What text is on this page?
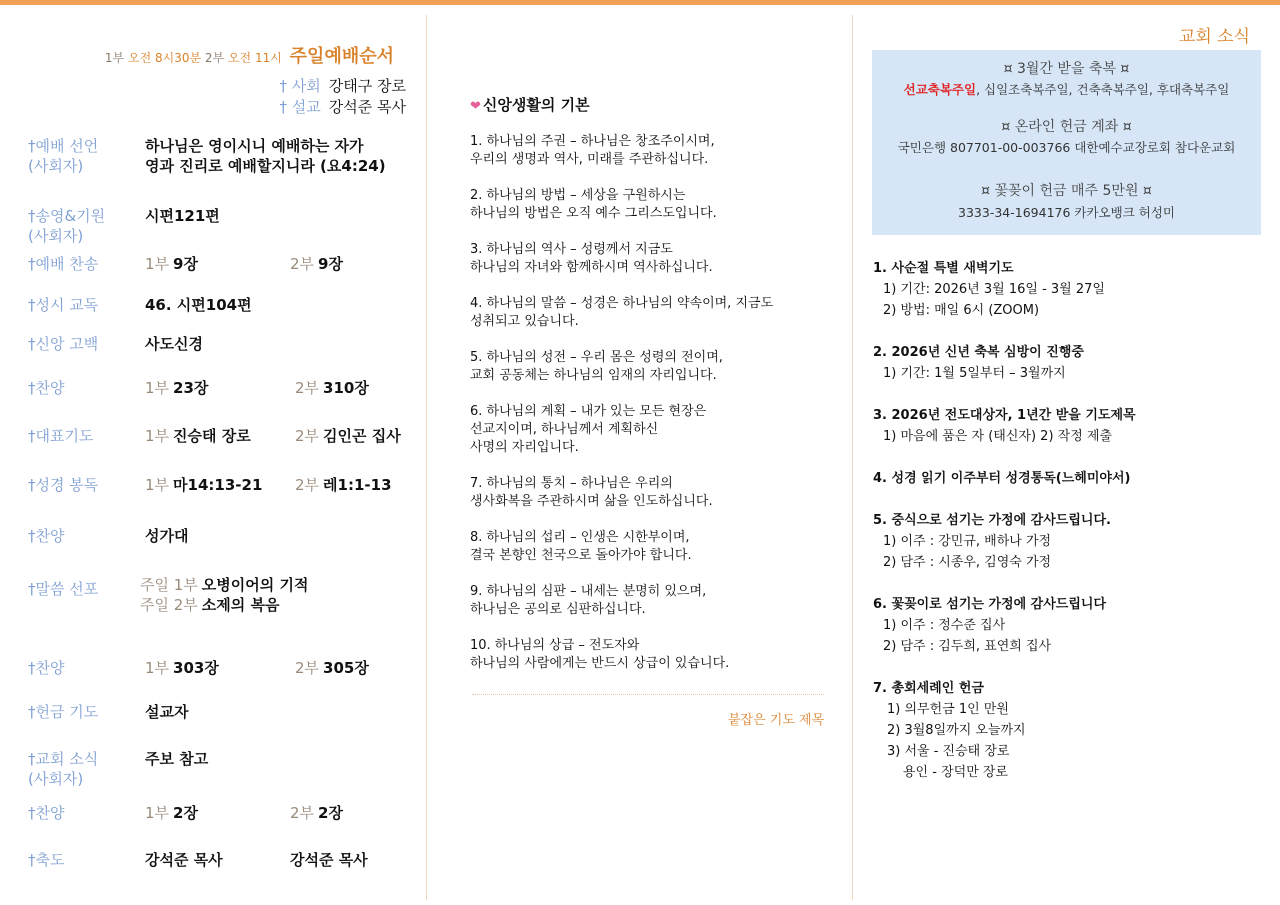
1부 오전 8시30분 2부 오전 11시 주일예배순서
† 사회 강태구 장로
† 설교 강석준 목사
†예배 선언
(사회자)
하나님은 영이시니 예배하는 자가
영과 진리로 예배할지니라 (요4:24)
†송영&기원
(사회자)
시편121편
†예배 찬송	1부 9장	2부 9장
†성시 교독	46. 시편104편
†신앙 고백	사도신경
†찬양	1부 23장	2부 310장
†대표기도	1부 진승태 장로	2부 김인곤 집사
†성경 봉독	1부 마14:13-21 2부 레1:1-13
†찬양	성가대
†말씀 선포	주일 1부 오병이어의 기적
주일 2부 소제의 복음
†찬양	1부 303장	2부 305장
†헌금 기도	설교자
†교회 소식
(사회자)
주보 참고
†찬양	1부 2장	2부 2장
†축도	강석준 목사	강석준 목사
❤ 신앙생활의 기본
1. 하나님의 주권 – 하나님은 창조주이시며,
우리의 생명과 역사, 미래를 주관하십니다.
2. 하나님의 방법 – 세상을 구원하시는
하나님의 방법은 오직 예수 그리스도입니다.
3. 하나님의 역사 – 성령께서 지금도
하나님의 자녀와 함께하시며 역사하십니다.
4. 하나님의 말씀 – 성경은 하나님의 약속이며, 지금도
성취되고 있습니다.
5. 하나님의 성전 – 우리 몸은 성령의 전이며,
교회 공동체는 하나님의 임재의 자리입니다.
6. 하나님의 계획 – 내가 있는 모든 현장은
선교지이며, 하나님께서 계획하신
사명의 자리입니다.
7. 하나님의 통치 – 하나님은 우리의
생사화복을 주관하시며 삶을 인도하십니다.
8. 하나님의 섭리 – 인생은 시한부이며,
결국 본향인 천국으로 돌아가야 합니다.
9. 하나님의 심판 – 내세는 분명히 있으며,
하나님은 공의로 심판하십니다.
10. 하나님의 상급 – 전도자와
하나님의 사람에게는 반드시 상급이 있습니다.
붙잡은 기도 제목
교회 소식
¤ 3월간 받을 축복 ¤
선교축복주일, 십일조축복주일, 건축축복주일, 후대축복주일
¤ 온라인 헌금 계좌 ¤
국민은행 807701-00-003766 대한예수교장로회 참다운교회
¤ 꽃꽂이 헌금 매주 5만원 ¤
3333-34-1694176 카카오뱅크 허성미
1. 사순절 특별 새벽기도
1) 기간: 2026년 3월 16일 - 3월 27일
2) 방법: 매일 6시 (ZOOM)
2. 2026년 신년 축복 심방이 진행중
1) 기간: 1월 5일부터 – 3월까지
3. 2026년 전도대상자, 1년간 받을 기도제목
1) 마음에 품은 자 (태신자) 2) 작정 제출
4. 성경 읽기 이주부터 성경통독(느헤미야서)
5. 중식으로 섬기는 가정에 감사드립니다.
1) 이주 : 강민규, 배하나 가정
2) 담주 : 시종우, 김영숙 가정
6. 꽃꽂이로 섬기는 가정에 감사드립니다
1) 이주 : 정수준 집사
2) 담주 : 김두희, 표연희 집사
7. 총회세례인 헌금
1) 의무헌금 1인 만원
2) 3월8일까지 오늘까지
3) 서울 - 진승태 장로
용인 - 장덕만 장로
